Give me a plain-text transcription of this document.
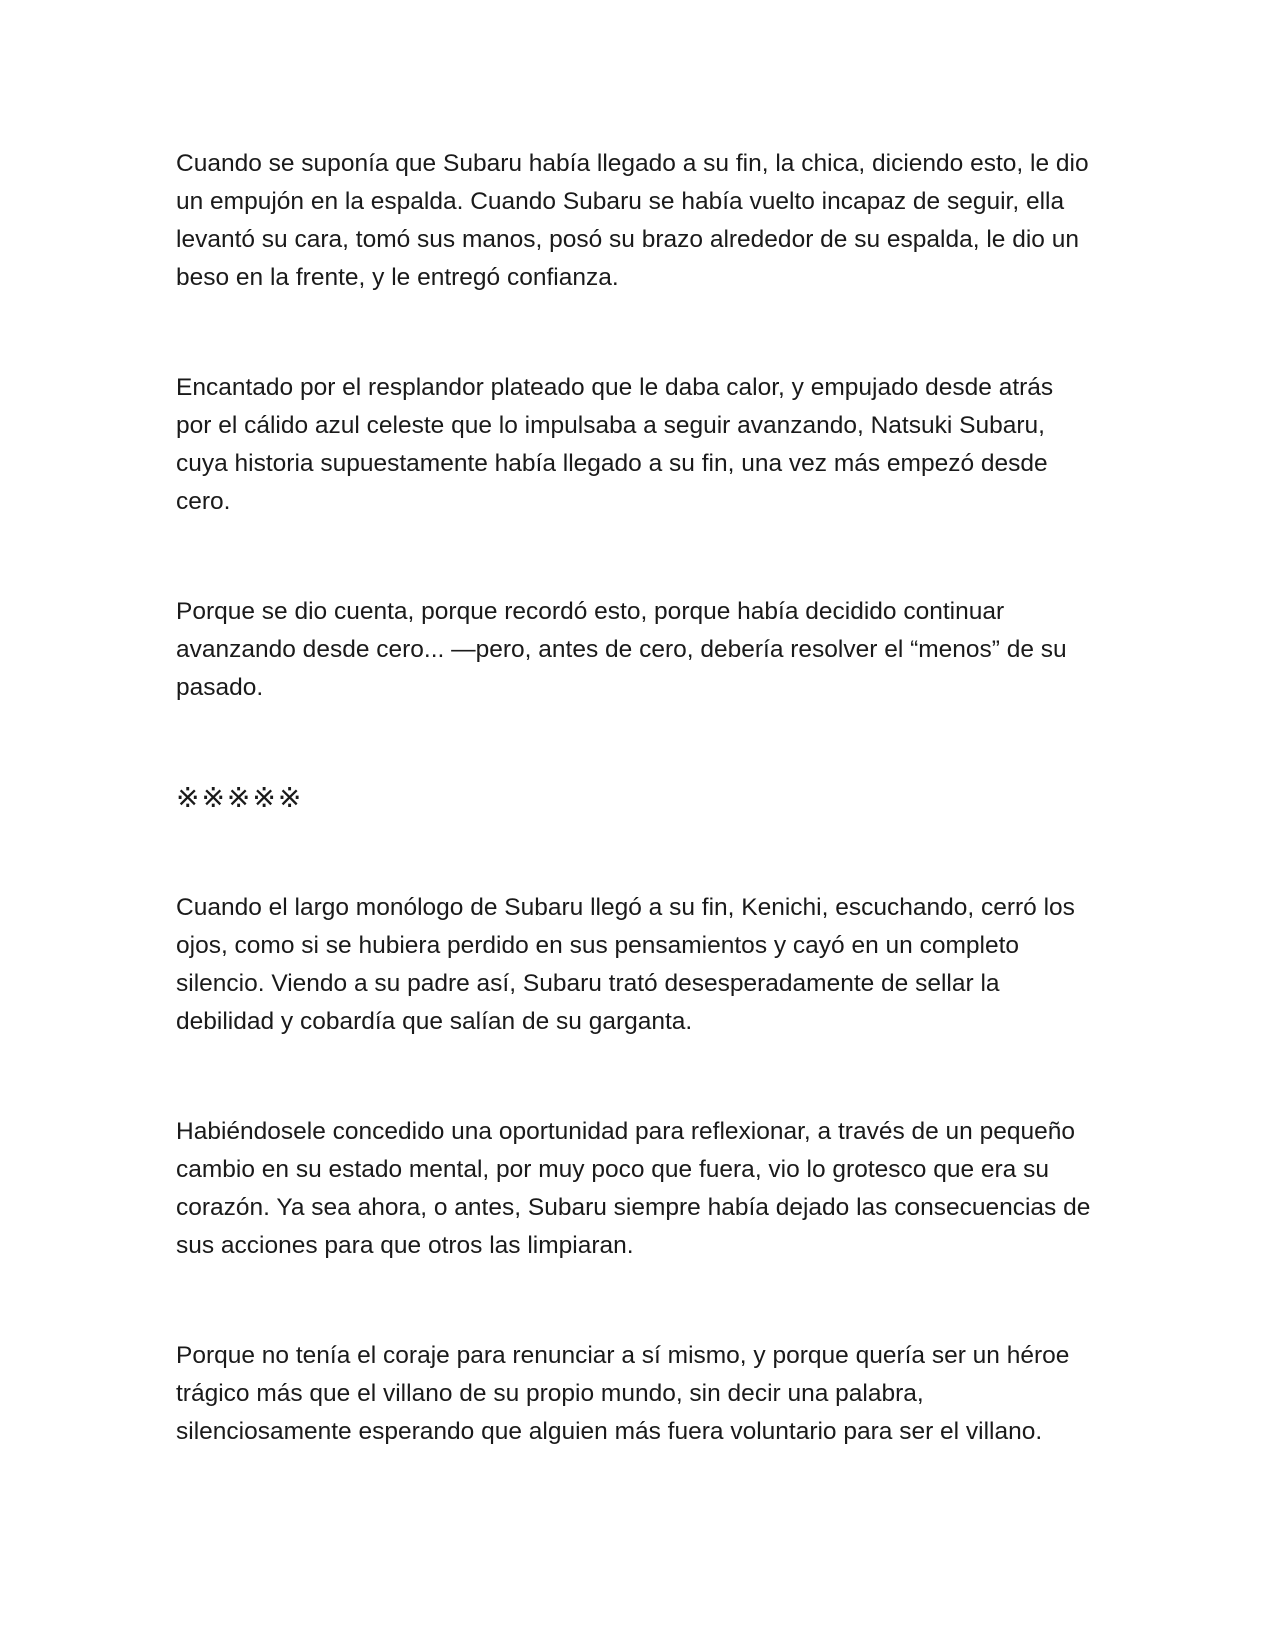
Cuando se suponía que Subaru había llegado a su fin, la chica, diciendo esto, le dio un empujón en la espalda. Cuando Subaru se había vuelto incapaz de seguir, ella levantó su cara, tomó sus manos, posó su brazo alrededor de su espalda, le dio un beso en la frente, y le entregó confianza.

Encantado por el resplandor plateado que le daba calor, y empujado desde atrás por el cálido azul celeste que lo impulsaba a seguir avanzando, Natsuki Subaru, cuya historia supuestamente había llegado a su fin, una vez más empezó desde cero.

Porque se dio cuenta, porque recordó esto, porque había decidido continuar avanzando desde cero... —pero, antes de cero, debería resolver el “menos” de su pasado.

※※※※※

Cuando el largo monólogo de Subaru llegó a su fin, Kenichi, escuchando, cerró los ojos, como si se hubiera perdido en sus pensamientos y cayó en un completo silencio. Viendo a su padre así, Subaru trató desesperadamente de sellar la debilidad y cobardía que salían de su garganta.

Habiéndosele concedido una oportunidad para reflexionar, a través de un pequeño cambio en su estado mental, por muy poco que fuera, vio lo grotesco que era su corazón. Ya sea ahora, o antes, Subaru siempre había dejado las consecuencias de sus acciones para que otros las limpiaran.

Porque no tenía el coraje para renunciar a sí mismo, y porque quería ser un héroe trágico más que el villano de su propio mundo, sin decir una palabra, silenciosamente esperando que alguien más fuera voluntario para ser el villano.
